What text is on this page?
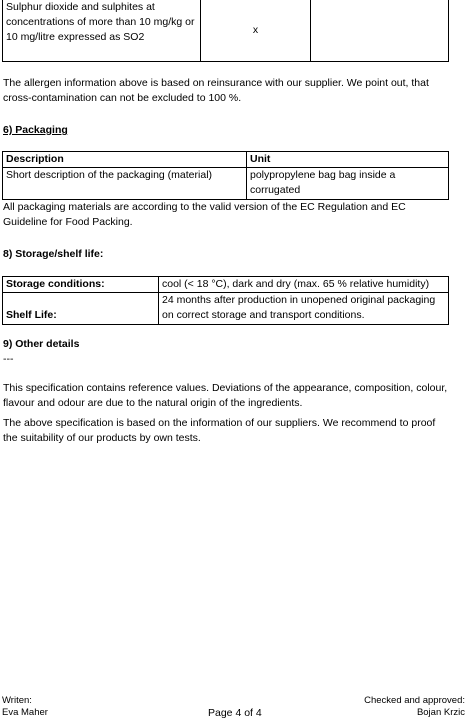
Sulphur dioxide and sulphites at concentrations of more than 10 mg/kg or 10 mg/litre expressed as SO2	x	

The allergen information above is based on reinsurance with our supplier. We point out, that cross-contamination can not be excluded to 100 %.

6) Packaging

Description	Unit
Short description of the packaging (material)	polypropylene bag bag inside a corrugated

All packaging materials are according to the valid version of the EC Regulation and EC Guideline for Food Packing.

8) Storage/shelf life:

Storage conditions:	cool (< 18 °C), dark and dry (max. 65 % relative humidity)
Shelf Life:	24 months after production in unopened original packaging on correct storage and transport conditions.

9) Other details

---

This specification contains reference values. Deviations of the appearance, composition, colour, flavour and odour are due to the natural origin of the ingredients.

The above specification is based on the information of our suppliers. We recommend to proof the suitability of our products by own tests.

Writen:
Eva Maher	Page 4 of 4
Checked and approved:
Bojan Krzic
